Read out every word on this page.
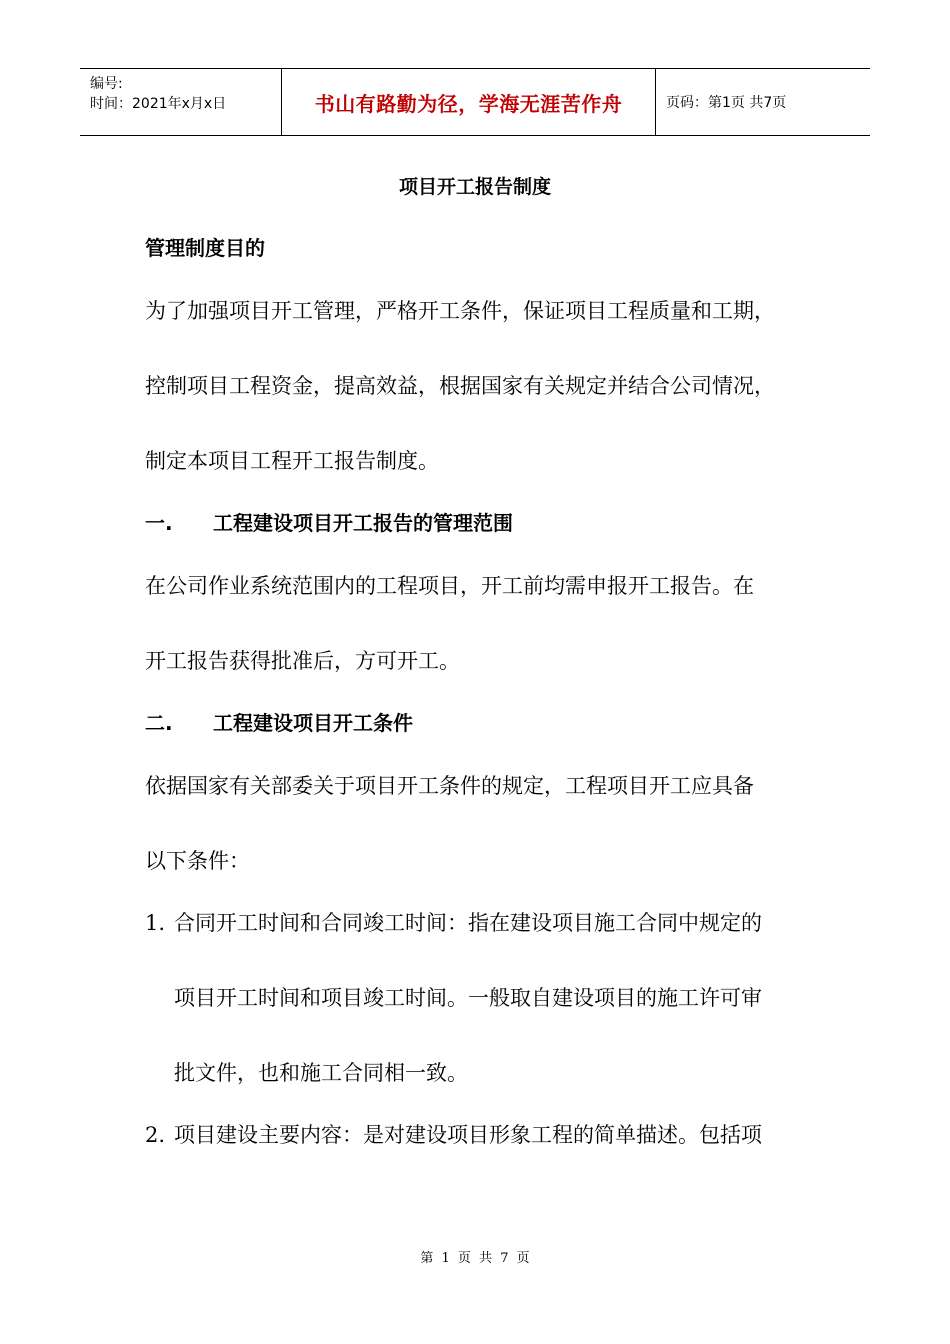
编号:
时间：2021年x月x日	书山有路勤为径，学海无涯苦作舟	页码：第1页 共7页
项目开工报告制度
管理制度目的
为了加强项目开工管理，严格开工条件，保证项目工程质量和工期，
控制项目工程资金，提高效益，根据国家有关规定并结合公司情况，
制定本项目工程开工报告制度。
一. 工程建设项目开工报告的管理范围
在公司作业系统范围内的工程项目，开工前均需申报开工报告。在
开工报告获得批准后，方可开工。
二. 工程建设项目开工条件
依据国家有关部委关于项目开工条件的规定，工程项目开工应具备
以下条件：
1. 合同开工时间和合同竣工时间：指在建设项目施工合同中规定的
项目开工时间和项目竣工时间。一般取自建设项目的施工许可审
批文件，也和施工合同相一致。
2. 项目建设主要内容：是对建设项目形象工程的简单描述。包括项
第 1 页 共 7 页
